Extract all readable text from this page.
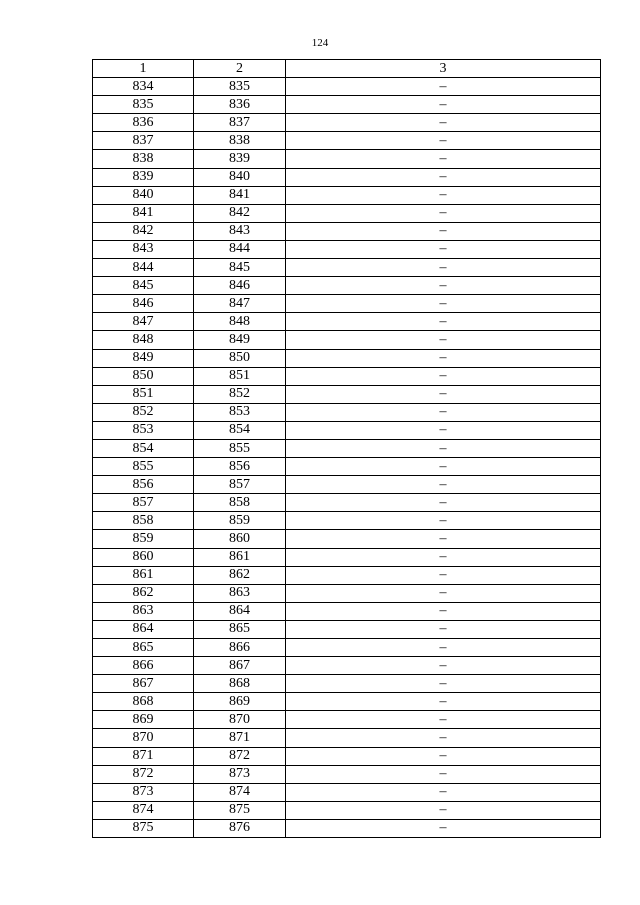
124
1	2	3
834	835	–
835	836	–
836	837	–
837	838	–
838	839	–
839	840	–
840	841	–
841	842	–
842	843	–
843	844	–
844	845	–
845	846	–
846	847	–
847	848	–
848	849	–
849	850	–
850	851	–
851	852	–
852	853	–
853	854	–
854	855	–
855	856	–
856	857	–
857	858	–
858	859	–
859	860	–
860	861	–
861	862	–
862	863	–
863	864	–
864	865	–
865	866	–
866	867	–
867	868	–
868	869	–
869	870	–
870	871	–
871	872	–
872	873	–
873	874	–
874	875	–
875	876	–
